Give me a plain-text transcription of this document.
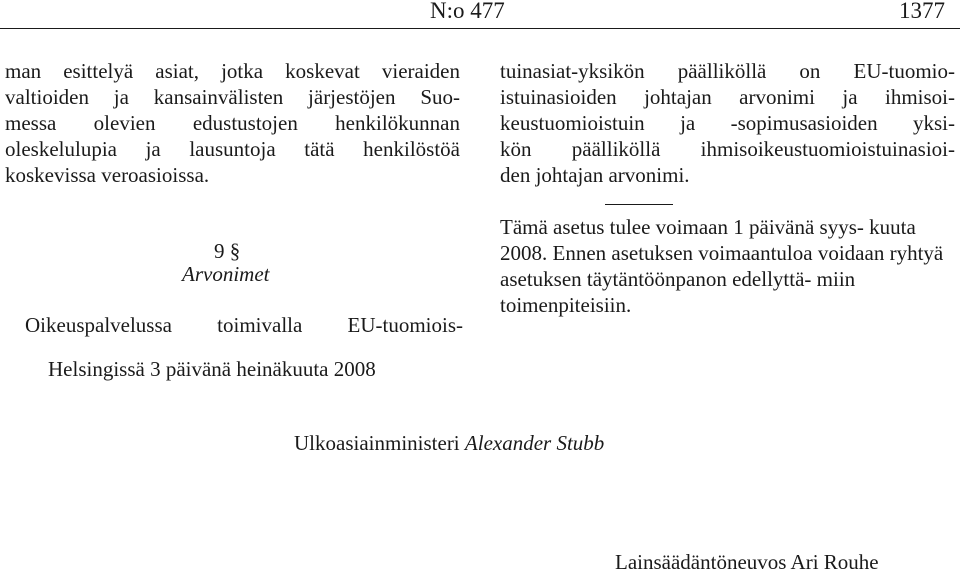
N:o 477	1377
man esittelyä asiat, jotka koskevat vieraiden
valtioiden ja kansainvälisten järjestöjen Suo-
messa olevien edustustojen henkilökunnan
oleskelulupia ja lausuntoja tätä henkilöstöä
koskevissa veroasioissa.
9 §
Arvonimet
Oikeuspalvelussa toimivalla EU-tuomiois-
tuinasiat-yksikön päälliköllä on EU-tuomio-
istuinasioiden johtajan arvonimi ja ihmisoi-
keustuomioistuin ja -sopimusasioiden yksi-
kön päälliköllä ihmisoikeustuomioistuinasioi-
den johtajan arvonimi.
Tämä asetus tulee voimaan 1 päivänä syys- kuuta 2008. Ennen asetuksen voimaantuloa voidaan ryhtyä asetuksen täytäntöönpanon edellyttä- miin toimenpiteisiin.
Helsingissä 3 päivänä heinäkuuta 2008
Ulkoasiainministeri Alexander Stubb
Lainsäädäntöneuvos Ari Rouhe
